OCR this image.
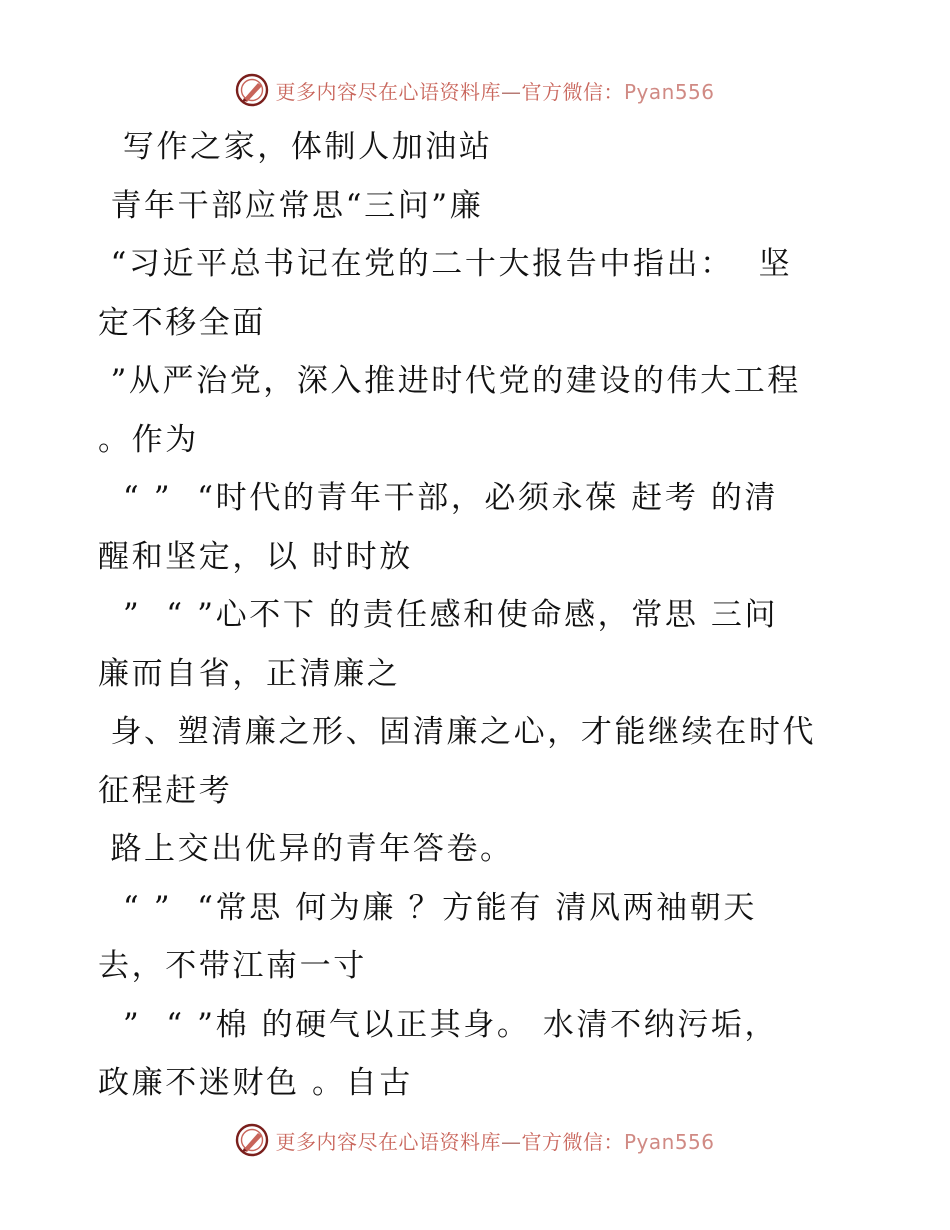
更多内容尽在心语资料库—官方微信：Pyan556
写作之家，体制人加油站
青年干部应常思“三问”廉
“习近平总书记在党的二十大报告中指出：  坚
定不移全面
”从严治党，深入推进时代党的建设的伟大工程
。作为
“ ”  “时代的青年干部，必须永葆 赶考 的清
醒和坚定，以 时时放
”  “ ”心不下 的责任感和使命感，常思 三问
廉而自省，正清廉之
身、塑清廉之形、固清廉之心，才能继续在时代
征程赶考
路上交出优异的青年答卷。
“ ”  “常思 何为廉 ？方能有 清风两袖朝天
去，不带江南一寸
”  “ ”棉 的硬气以正其身。 水清不纳污垢，
政廉不迷财色 。自古
更多内容尽在心语资料库—官方微信：Pyan556
